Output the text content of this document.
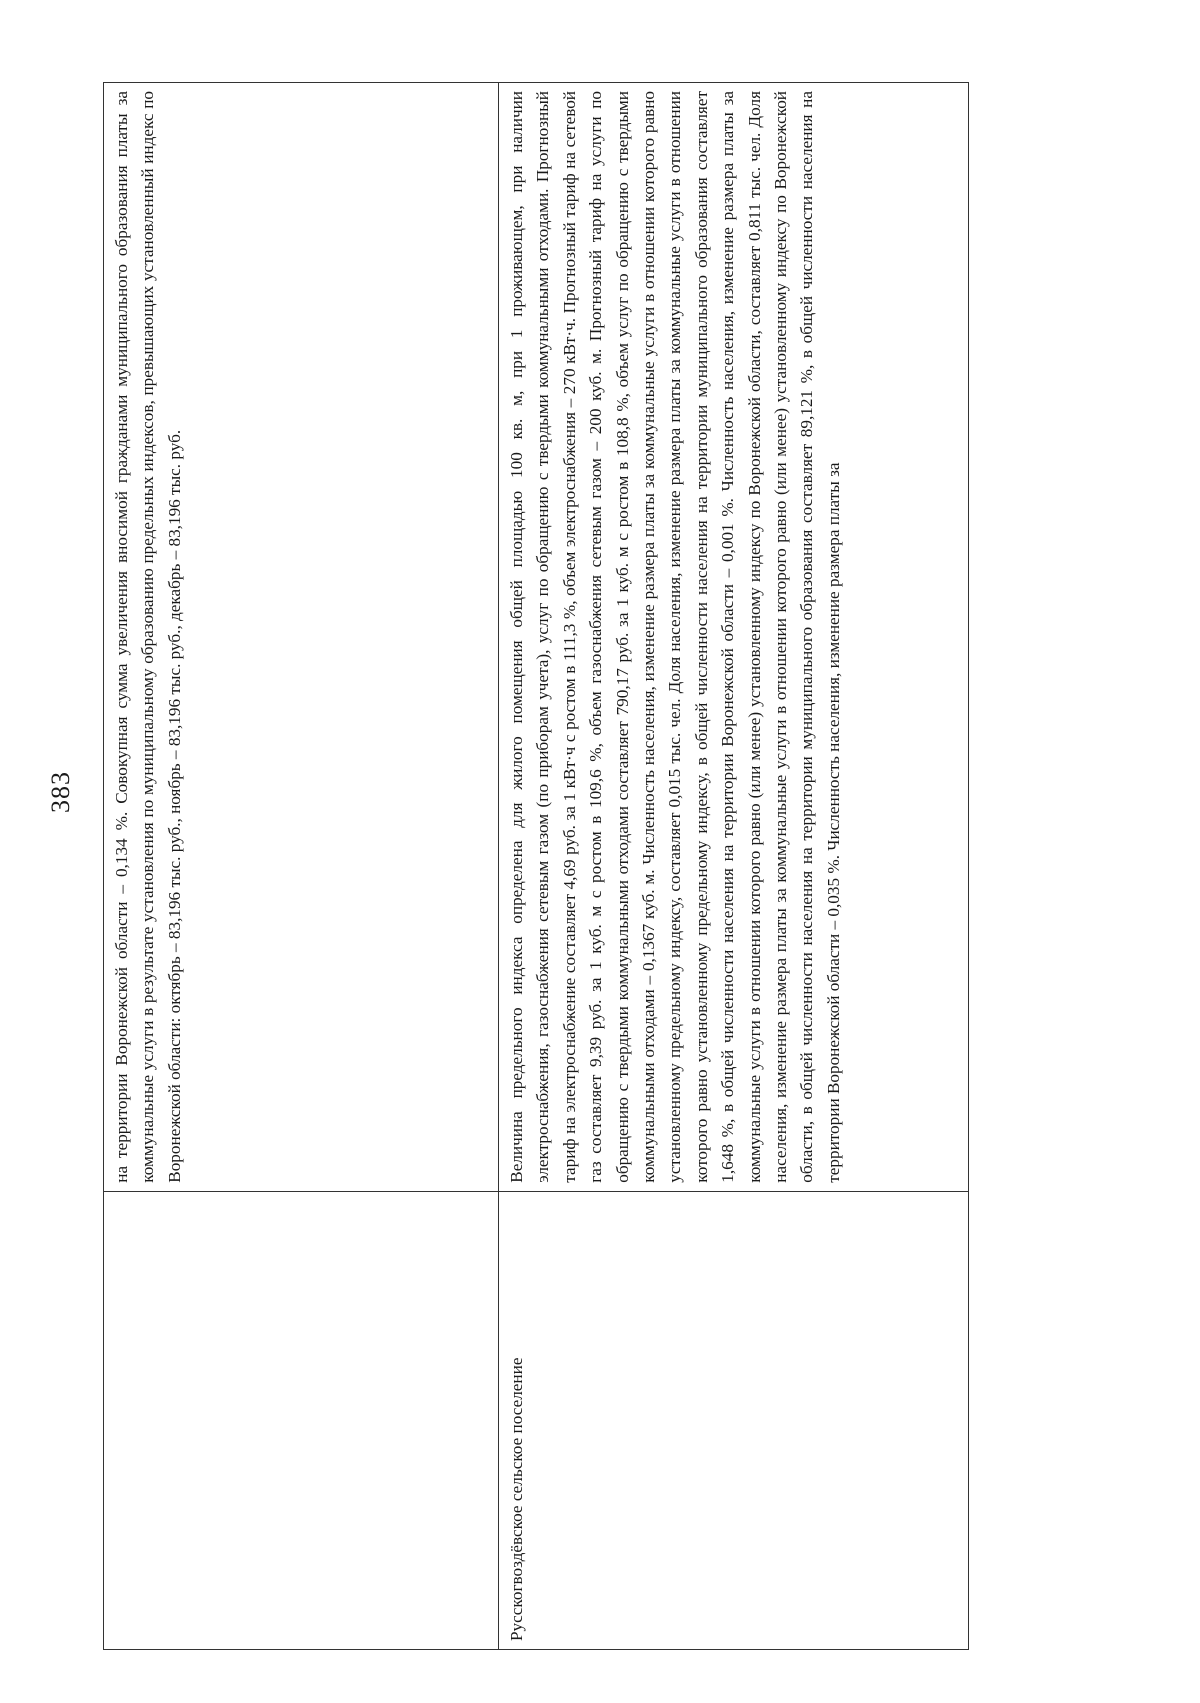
383

	на территории Воронежской области – 0,134 %. Совокупная сумма увеличения вносимой гражданами муниципального образования платы за коммунальные услуги в результате установления по муниципальному образованию предельных индексов, превышающих установленный индекс по Воронежской области: октябрь – 83,196 тыс. руб., ноябрь – 83,196 тыс. руб., декабрь – 83,196 тыс. руб.

Русскогвоздёвское сельское поселение	Величина предельного индекса определена для жилого помещения общей площадью 100 кв. м, при 1 проживающем, при наличии электроснабжения, газоснабжения сетевым газом (по приборам учета), услуг по обращению с твердыми коммунальными отходами. Прогнозный тариф на электроснабжение составляет 4,69 руб. за 1 кВт·ч с ростом в 111,3 %, объем электроснабжения – 270 кВт·ч. Прогнозный тариф на сетевой газ составляет 9,39 руб. за 1 куб. м с ростом в 109,6 %, объем газоснабжения сетевым газом – 200 куб. м. Прогнозный тариф на услуги по обращению с твердыми коммунальными отходами составляет 790,17 руб. за 1 куб. м с ростом в 108,8 %, объем услуг по обращению с твердыми коммунальными отходами – 0,1367 куб. м. Численность населения, изменение размера платы за коммунальные услуги в отношении которого равно установленному предельному индексу, составляет 0,015 тыс. чел. Доля населения, изменение размера платы за коммунальные услуги в отношении которого равно установленному предельному индексу, в общей численности населения на территории муниципального образования составляет 1,648 %, в общей численности населения на территории Воронежской области – 0,001 %. Численность населения, изменение размера платы за коммунальные услуги в отношении которого равно (или менее) установленному индексу по Воронежской области, составляет 0,811 тыс. чел. Доля населения, изменение размера платы за коммунальные услуги в отношении которого равно (или менее) установленному индексу по Воронежской области, в общей численности населения на территории муниципального образования составляет 89,121 %, в общей численности населения на территории Воронежской области – 0,035 %. Численность населения, изменение размера платы за
